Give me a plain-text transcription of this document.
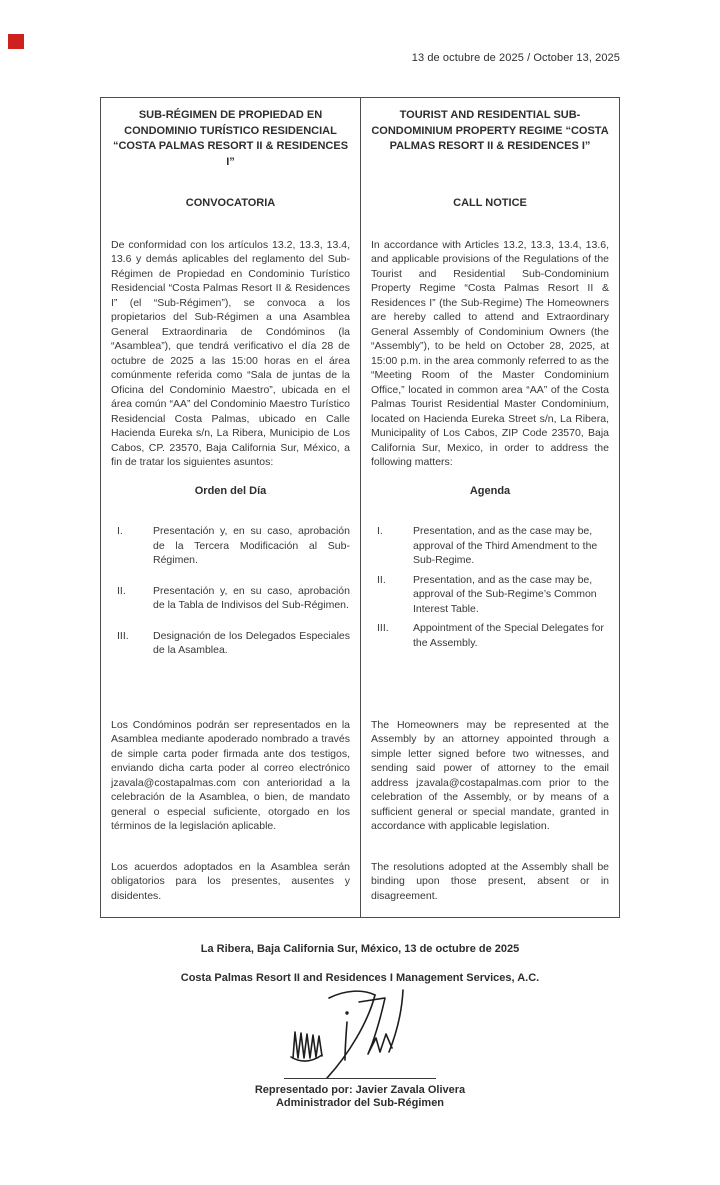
13 de octubre de 2025 / October 13, 2025
SUB-RÉGIMEN DE PROPIEDAD EN CONDOMINIO TURÍSTICO RESIDENCIAL “COSTA PALMAS RESORT II & RESIDENCES I”
TOURIST AND RESIDENTIAL SUB-CONDOMINIUM PROPERTY REGIME “COSTA PALMAS RESORT II & RESIDENCES I”
CONVOCATORIA	CALL NOTICE
De conformidad con los artículos 13.2, 13.3, 13.4, 13.6 y demás aplicables del reglamento del Sub-Régimen de Propiedad en Condominio Turístico Residencial “Costa Palmas Resort II & Residences I” (el “Sub-Régimen”), se convoca a los propietarios del Sub-Régimen a una Asamblea General Extraordinaria de Condóminos (la “Asamblea”), que tendrá verificativo el día 28 de octubre de 2025 a las 15:00 horas en el área comúnmente referida como “Sala de juntas de la Oficina del Condominio Maestro”, ubicada en el área común “AA” del Condominio Maestro Turístico Residencial Costa Palmas, ubicado en Calle Hacienda Eureka s/n, La Ribera, Municipio de Los Cabos, CP. 23570, Baja California Sur, México, a fin de tratar los siguientes asuntos:
In accordance with Articles 13.2, 13.3, 13.4, 13.6, and applicable provisions of the Regulations of the Tourist and Residential Sub-Condominium Property Regime “Costa Palmas Resort II & Residences I” (the Sub-Regime) The Homeowners are hereby called to attend and Extraordinary General Assembly of Condominium Owners (the “Assembly”), to be held on October 28, 2025, at 15:00 p.m. in the area commonly referred to as the “Meeting Room of the Master Condominium Office,” located in common area “AA” of the Costa Palmas Tourist Residential Master Condominium, located on Hacienda Eureka Street s/n, La Ribera, Municipality of Los Cabos, ZIP Code 23570, Baja California Sur, Mexico, in order to address the following matters:
Orden del Día	Agenda
I.	Presentación y, en su caso, aprobación de la Tercera Modificación al Sub-Régimen.
II.	Presentación y, en su caso, aprobación de la Tabla de Indivisos del Sub-Régimen.
III.	Designación de los Delegados Especiales de la Asamblea.
I.	Presentation, and as the case may be, approval of the Third Amendment to the Sub-Regime.
II.	Presentation, and as the case may be, approval of the Sub-Regime’s Common Interest Table.
III.	Appointment of the Special Delegates for the Assembly.
Los Condóminos podrán ser representados en la Asamblea mediante apoderado nombrado a través de simple carta poder firmada ante dos testigos, enviando dicha carta poder al correo electrónico jzavala@costapalmas.com con anterioridad a la celebración de la Asamblea, o bien, de mandato general o especial suficiente, otorgado en los términos de la legislación aplicable.
The Homeowners may be represented at the Assembly by an attorney appointed through a simple letter signed before two witnesses, and sending said power of attorney to the email address jzavala@costapalmas.com prior to the celebration of the Assembly, or by means of a sufficient general or special mandate, granted in accordance with applicable legislation.
Los acuerdos adoptados en la Asamblea serán obligatorios para los presentes, ausentes y disidentes.
The resolutions adopted at the Assembly shall be binding upon those present, absent or in disagreement.

La Ribera, Baja California Sur, México, 13 de octubre de 2025

Costa Palmas Resort II and Residences I Management Services, A.C.

Representado por: Javier Zavala Olivera

Administrador del Sub-Régimen
